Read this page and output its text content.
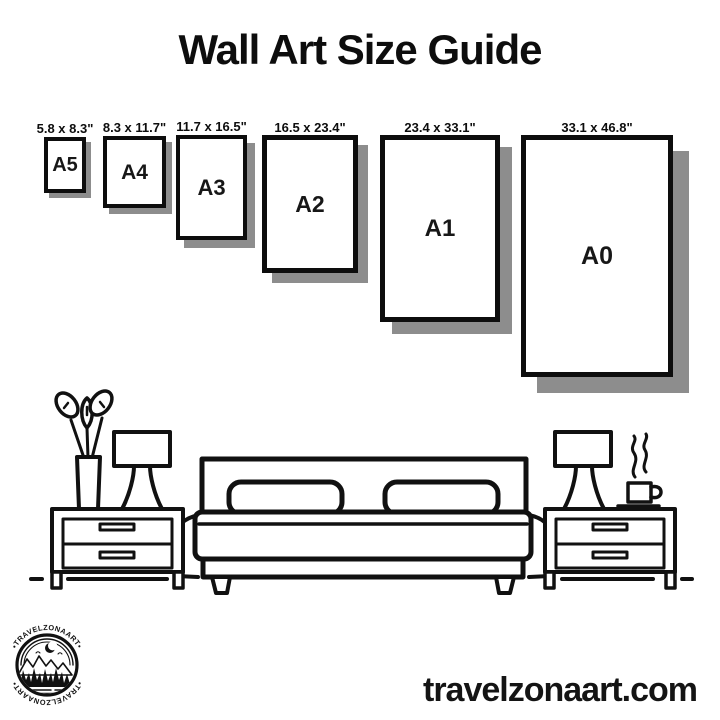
Wall Art Size Guide
5.8 x 8.3"
A5
8.3 x 11.7"
A4
11.7 x 16.5"
A3
16.5 x 23.4"
A2
23.4 x 33.1"
A1
33.1 x 46.8"
A0
•TRAVELZONAART•
•TRAVELZONAART•	travelzonaart.com
